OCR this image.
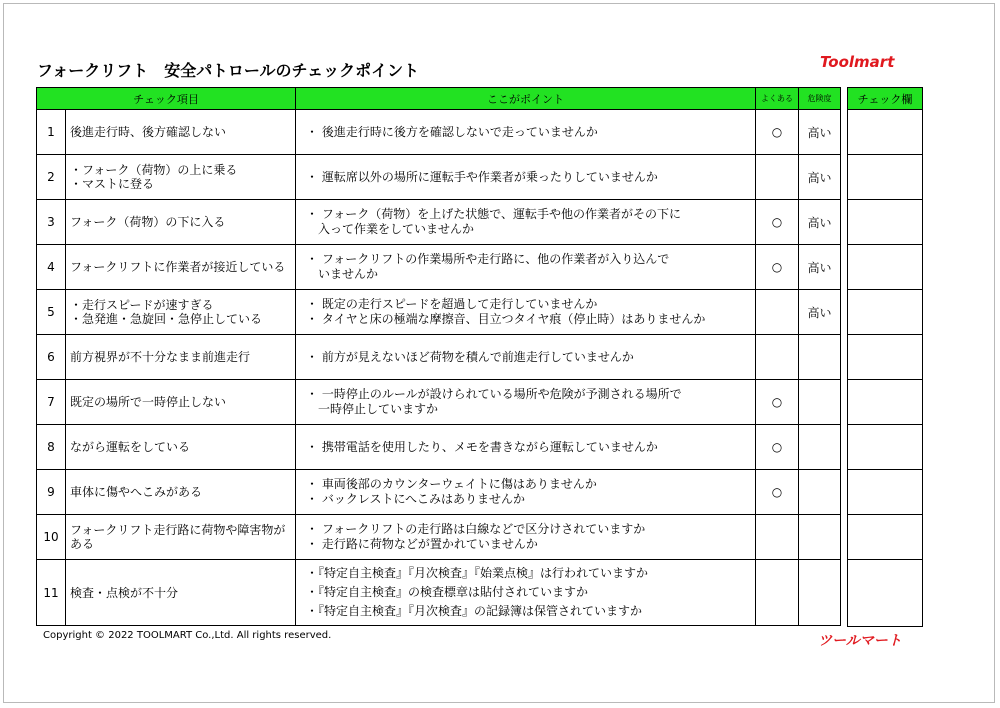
フォークリフト　安全パトロールのチェックポイント	Toolmart
チェック項目		ここがポイント	よくある	危険度
1	後進走行時、後方確認しない	・ 後進走行時に後方を確認しないで走っていませんか	○	高い
2	・フォーク（荷物）の上に乗る
・マストに登る	・ 運転席以外の場所に運転手や作業者が乗ったりしていませんか		高い
3	フォーク（荷物）の下に入る	・ フォーク（荷物）を上げた状態で、運転手や他の作業者がその下に
　入って作業をしていませんか	○	高い
4	フォークリフトに作業者が接近している	・ フォークリフトの作業場所や走行路に、他の作業者が入り込んで
　いませんか	○	高い
5	・走行スピードが速すぎる
・急発進・急旋回・急停止している	・ 既定の走行スピードを超過して走行していませんか
・ タイヤと床の極端な摩擦音、目立つタイヤ痕（停止時）はありませんか		高い
6	前方視界が不十分なまま前進走行	・ 前方が見えないほど荷物を積んで前進走行していませんか		

7	既定の場所で一時停止しない	・ 一時停止のルールが設けられている場所や危険が予測される場所で
　一時停止していますか	○	
8	ながら運転をしている	・ 携帯電話を使用したり、メモを書きながら運転していませんか	○	
9	車体に傷やへこみがある	・ 車両後部のカウンターウェイトに傷はありませんか
・ バックレストにへこみはありませんか	○	
10	フォークリフト走行路に荷物や障害物が
ある	・ フォークリフトの走行路は白線などで区分けされていますか
・ 走行路に荷物などが置かれていませんか		

11	検査・点検が不十分	・『特定自主検査』『月次検査』『始業点検』は行われていますか
・『特定自主検査』の検査標章は貼付されていますか
・『特定自主検査』『月次検査』の記録簿は保管されていますか		

チェック欄

Copyright © 2022 TOOLMART Co.,Ltd. All rights reserved.	ツールマート
